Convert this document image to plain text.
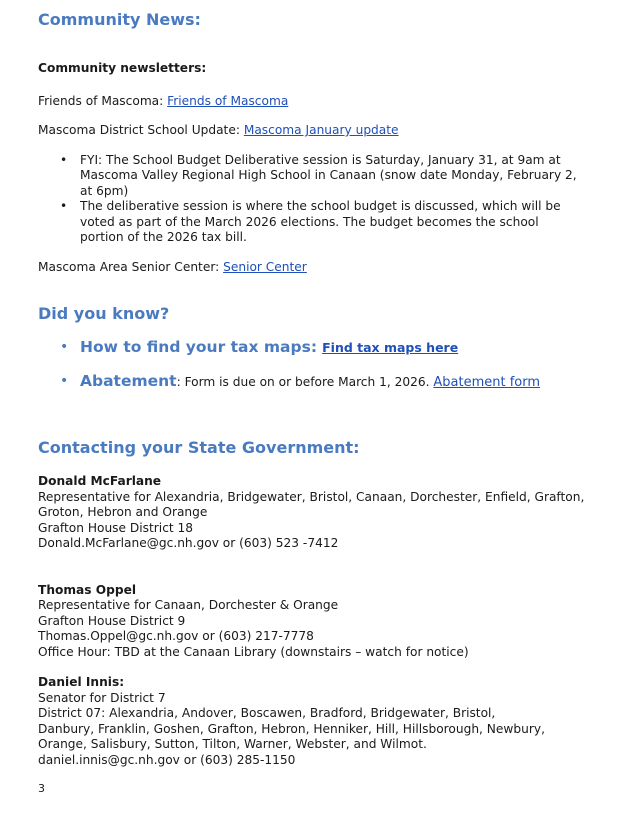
Community News:

Community newsletters:

Friends of Mascoma: Friends of Mascoma

Mascoma District School Update: Mascoma January update

• FYI: The School Budget Deliberative session is Saturday, January 31, at 9am at Mascoma Valley Regional High School in Canaan (snow date Monday, February 2, at 6pm)
• The deliberative session is where the school budget is discussed, which will be voted as part of the March 2026 elections. The budget becomes the school portion of the 2026 tax bill.

Mascoma Area Senior Center: Senior Center

Did you know?
• How to find your tax maps: Find tax maps here
• Abatement: Form is due on or before March 1, 2026. Abatement form
Contacting your State Government:

Donald McFarlane

Representative for Alexandria, Bridgewater, Bristol, Canaan, Dorchester, Enfield, Grafton, Groton, Hebron and Orange

Grafton House District 18

Donald.McFarlane@gc.nh.gov or (603) 523 -7412

Thomas Oppel

Representative for Canaan, Dorchester & Orange

Grafton House District 9

Thomas.Oppel@gc.nh.gov or (603) 217-7778

Office Hour: TBD at the Canaan Library (downstairs – watch for notice)

Daniel Innis:

Senator for District 7

District 07: Alexandria, Andover, Boscawen, Bradford, Bridgewater, Bristol, Danbury, Franklin, Goshen, Grafton, Hebron, Henniker, Hill, Hillsborough, Newbury, Orange, Salisbury, Sutton, Tilton, Warner, Webster, and Wilmot.

daniel.innis@gc.nh.gov or (603) 285-1150

3
